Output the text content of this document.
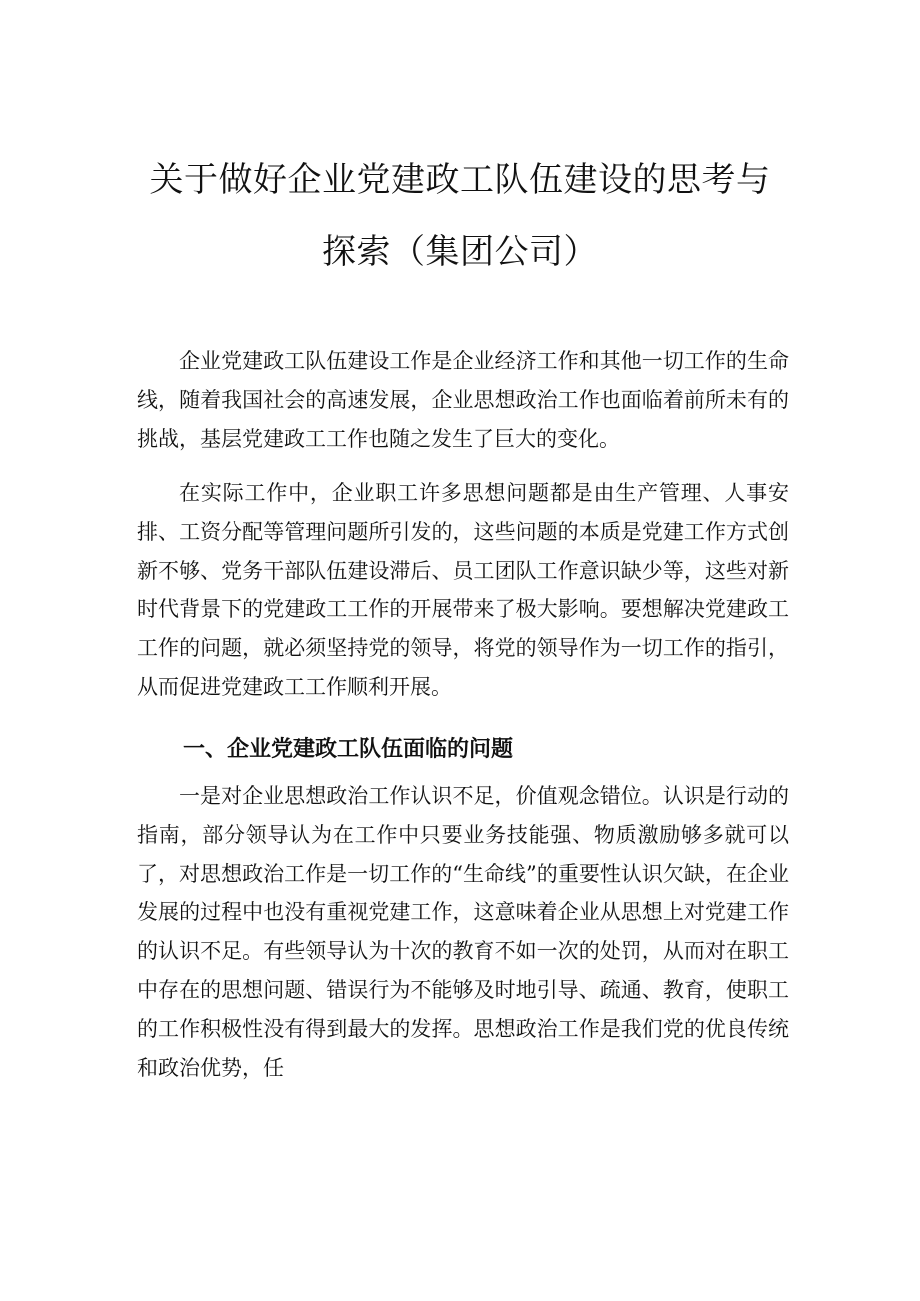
关于做好企业党建政工队伍建设的思考与
探索（集团公司）

企业党建政工队伍建设工作是企业经济工作和其他一切工作的生命线，随着我国社会的高速发展，企业思想政治工作也面临着前所未有的挑战，基层党建政工工作也随之发生了巨大的变化。

在实际工作中，企业职工许多思想问题都是由生产管理、人事安排、工资分配等管理问题所引发的，这些问题的本质是党建工作方式创新不够、党务干部队伍建设滞后、员工团队工作意识缺少等，这些对新时代背景下的党建政工工作的开展带来了极大影响。要想解决党建政工工作的问题，就必须坚持党的领导，将党的领导作为一切工作的指引，从而促进党建政工工作顺利开展。

一、企业党建政工队伍面临的问题

一是对企业思想政治工作认识不足，价值观念错位。认识是行动的指南，部分领导认为在工作中只要业务技能强、物质激励够多就可以了，对思想政治工作是一切工作的“生命线”的重要性认识欠缺，在企业发展的过程中也没有重视党建工作，这意味着企业从思想上对党建工作的认识不足。有些领导认为十次的教育不如一次的处罚，从而对在职工中存在的思想问题、错误行为不能够及时地引导、疏通、教育，使职工的工作积极性没有得到最大的发挥。思想政治工作是我们党的优良传统和政治优势，任
